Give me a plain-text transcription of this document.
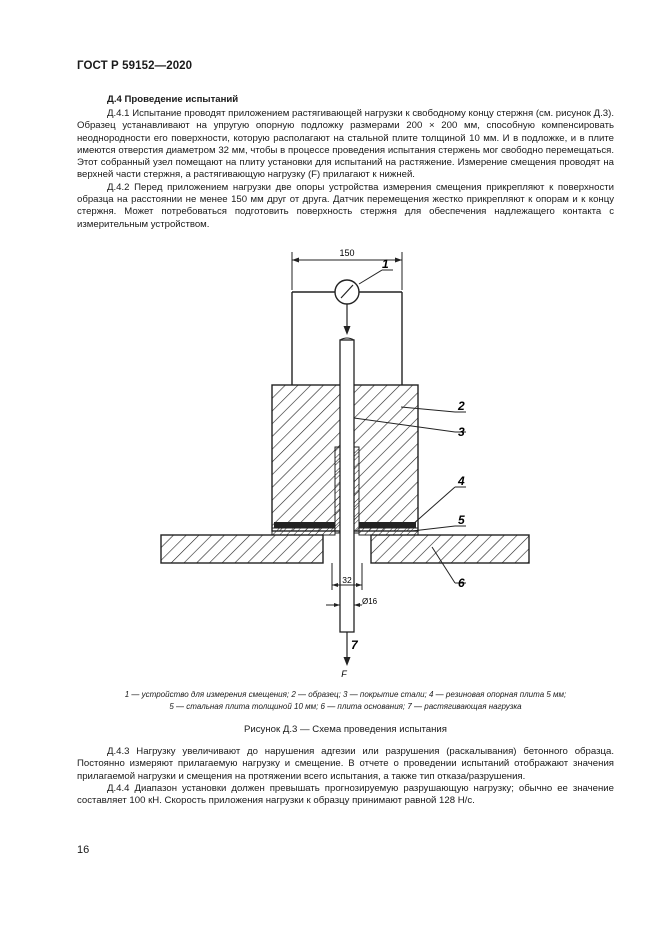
ГОСТ Р 59152—2020
Д.4 Проведение испытаний

Д.4.1 Испытание проводят приложением растягивающей нагрузки к свободному концу стержня (см. рисунок Д.3). Образец устанавливают на упругую опорную подложку размерами 200 × 200 мм, способную компенсировать неоднородности его поверхности, которую располагают на стальной плите толщиной 10 мм. И в подложке, и в плите имеются отверстия диаметром 32 мм, чтобы в процессе проведения испытания стержень мог свободно перемещаться. Этот собранный узел помещают на плиту установки для испытаний на растяжение. Измерение смещения проводят на верхней части стержня, а растягивающую нагрузку (F) прилагают к нижней.

Д.4.2 Перед приложением нагрузки две опоры устройства измерения смещения прикрепляют к поверхности образца на расстоянии не менее 150 мм друг от друга. Датчик перемещения жестко прикрепляют к опорам и к концу стержня. Может потребоваться подготовить поверхность стержня для обеспечения надлежащего контакта с измерительным устройством.

150
32
Ø16
F
1
2
3
4
5
6
7
1 — устройство для измерения смещения; 2 — образец; 3 — покрытие стали; 4 — резиновая опорная плита 5 мм;
5 — стальная плита толщиной 10 мм; 6 — плита основания; 7 — растягивающая нагрузка
Рисунок Д.3 — Схема проведения испытания

Д.4.3 Нагрузку увеличивают до нарушения адгезии или разрушения (раскалывания) бетонного образца. Постоянно измеряют прилагаемую нагрузку и смещение. В отчете о проведении испытаний отображают значения прилагаемой нагрузки и смещения на протяжении всего испытания, а также тип отказа/разрушения.

Д.4.4 Диапазон установки должен превышать прогнозируемую разрушающую нагрузку; обычно ее значение составляет 100 кН. Скорость приложения нагрузки к образцу принимают равной 128 Н/с.

16
